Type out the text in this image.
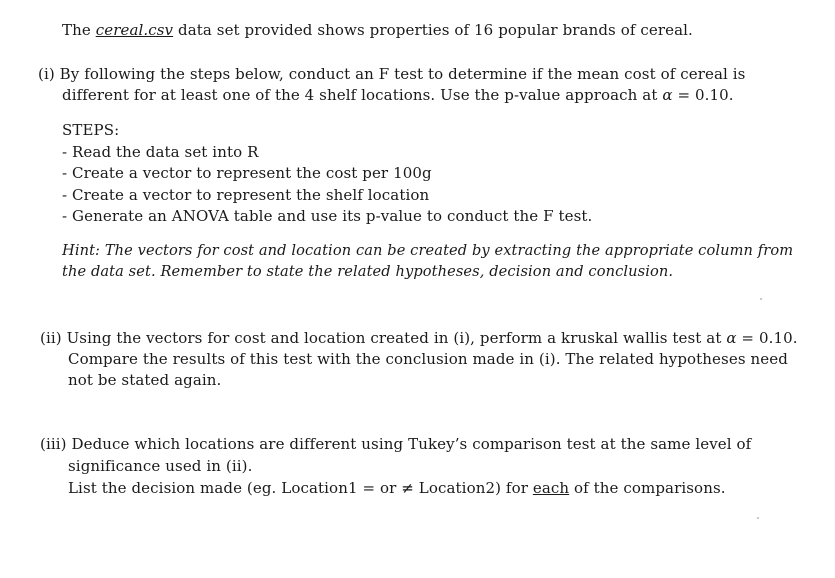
The cereal.csv data set provided shows properties of 16 popular brands of cereal.
(i) By following the steps below, conduct an F test to determine if the mean cost of cereal is
different for at least one of the 4 shelf locations. Use the p-value approach at α = 0.10.
STEPS:
- Read the data set into R
- Create a vector to represent the cost per 100g
- Create a vector to represent the shelf location
- Generate an ANOVA table and use its p-value to conduct the F test.
Hint: The vectors for cost and location can be created by extracting the appropriate column from
the data set. Remember to state the related hypotheses, decision and conclusion.
(ii) Using the vectors for cost and location created in (i), perform a kruskal wallis test at α = 0.10.
Compare the results of this test with the conclusion made in (i). The related hypotheses need
not be stated again.
(iii) Deduce which locations are different using Tukey’s comparison test at the same level of
significance used in (ii).
List the decision made (eg. Location1 = or ≠ Location2) for each of the comparisons.
